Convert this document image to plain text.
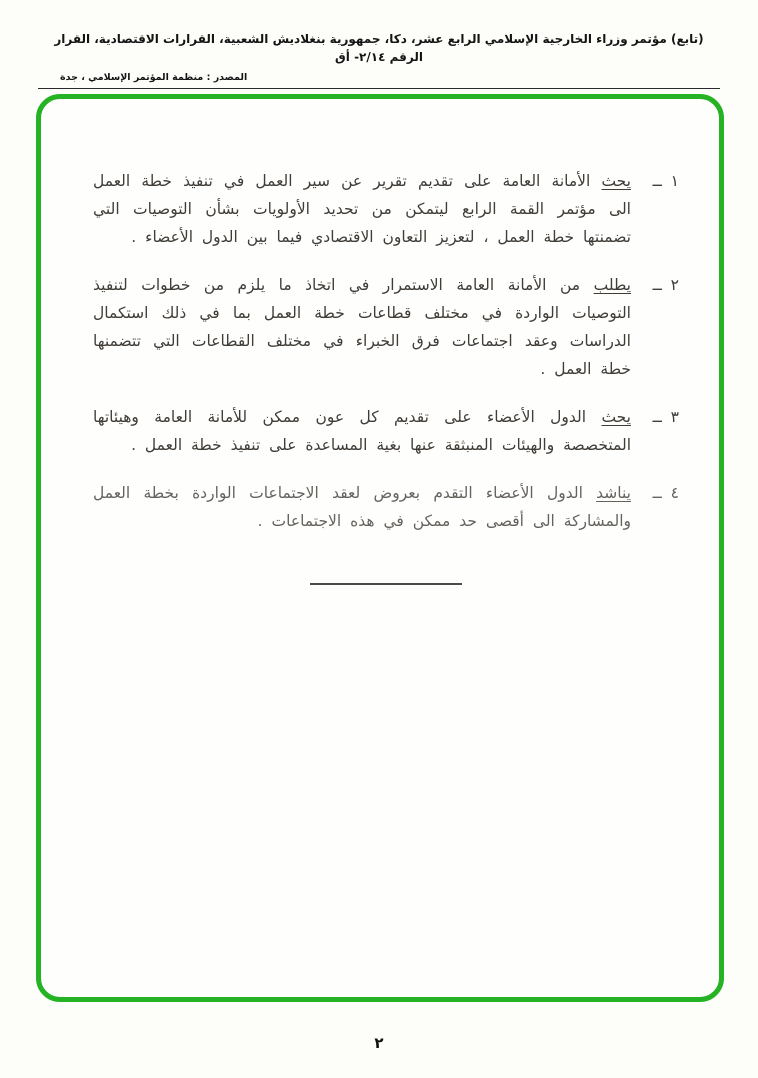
(تابع) مؤتمر وزراء الخارجية الإسلامي الرابع عشر، دكا، جمهورية بنغلاديش الشعبية، القرارات الاقتصادية، القرار الرقم ٢/١٤- أق
المصدر : منظمة المؤتمر الإسلامي ، جدة
١ ــ

يحث الأمانة العامة على تقديم تقرير عن سير العمل في تنفيذ خطة العمل الى مؤتمر القمة الرابع ليتمكن من تحديد الأولويات بشأن التوصيات التي تضمنتها خطة العمل ، لتعزيز التعاون الاقتصادي فيما بين الدول الأعضاء .

٢ ــ

يطلب من الأمانة العامة الاستمرار في اتخاذ ما يلزم من خطوات لتنفيذ التوصيات الواردة في مختلف قطاعات خطة العمل بما في ذلك استكمال الدراسات وعقد اجتماعات فرق الخبراء في مختلف القطاعات التي تتضمنها خطة العمل .

٣ ــ

يحث الدول الأعضاء على تقديم كل عون ممكن للأمانة العامة وهيئاتها المتخصصة والهيئات المنبثقة عنها بغية المساعدة على تنفيذ خطة العمل .

٤ ــ

يناشد الدول الأعضاء التقدم بعروض لعقد الاجتماعات الواردة بخطة العمل والمشاركة الى أقصى حد ممكن في هذه الاجتماعات .

٢
